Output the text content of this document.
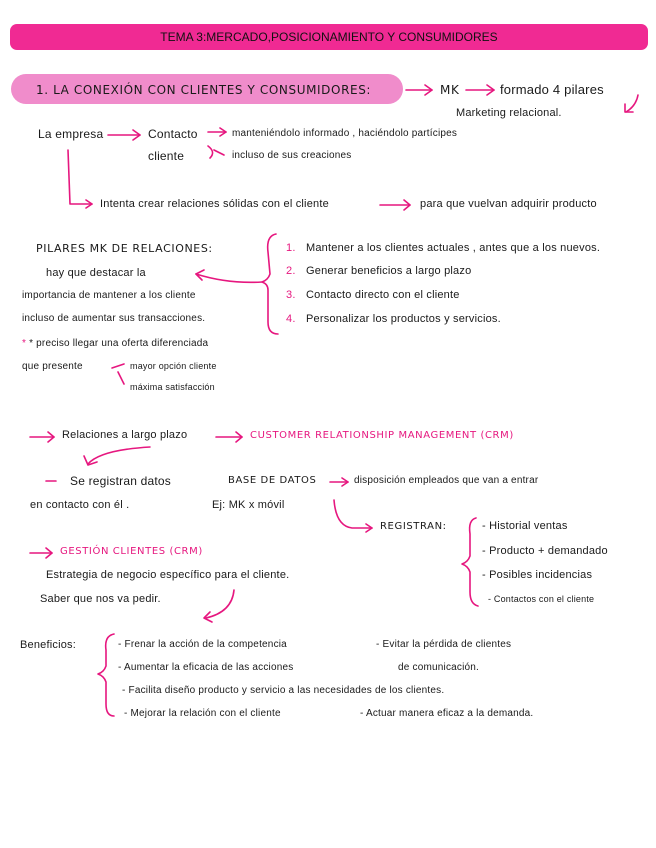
TEMA 3:MERCADO,POSICIONAMIENTO Y CONSUMIDORES
1. LA CONEXIÓN CON CLIENTES Y CONSUMIDORES:	MK	formado 4 pilares
Marketing relacional.
La empresa	Contacto
cliente
manteniéndolo informado , haciéndolo partícipes
incluso de sus creaciones
Intenta crear relaciones sólidas con el cliente	para que vuelvan adquirir producto
PILARES MK DE RELACIONES:
hay que destacar la
importancia de mantener a los cliente
incluso de aumentar sus transacciones.
* * preciso llegar una oferta diferenciada
que presente	mayor opción cliente
máxima satisfacción
1. Mantener a los clientes actuales , antes que a los nuevos.
2. Generar beneficios a largo plazo
3. Contacto directo con el cliente
4. Personalizar los productos y servicios.
Relaciones a largo plazo	CUSTOMER RELATIONSHIP MANAGEMENT (CRM)
Se registran datos	BASE DE DATOS	disposición empleados que van a entrar
en contacto con él .	Ej: MK x móvil
REGISTRAN:	- Historial ventas
- Producto + demandado
- Posibles incidencias
- Contactos con el cliente
GESTIÓN CLIENTES (CRM)
Estrategia de negocio específico para el cliente.
Saber que nos va pedir.
Beneficios:	- Frenar la acción de la competencia	- Evitar la pérdida de clientes
- Aumentar la eficacia de las acciones	de comunicación.
- Facilita diseño producto y servicio a las necesidades de los clientes.
- Mejorar la relación con el cliente	- Actuar manera eficaz a la demanda.
